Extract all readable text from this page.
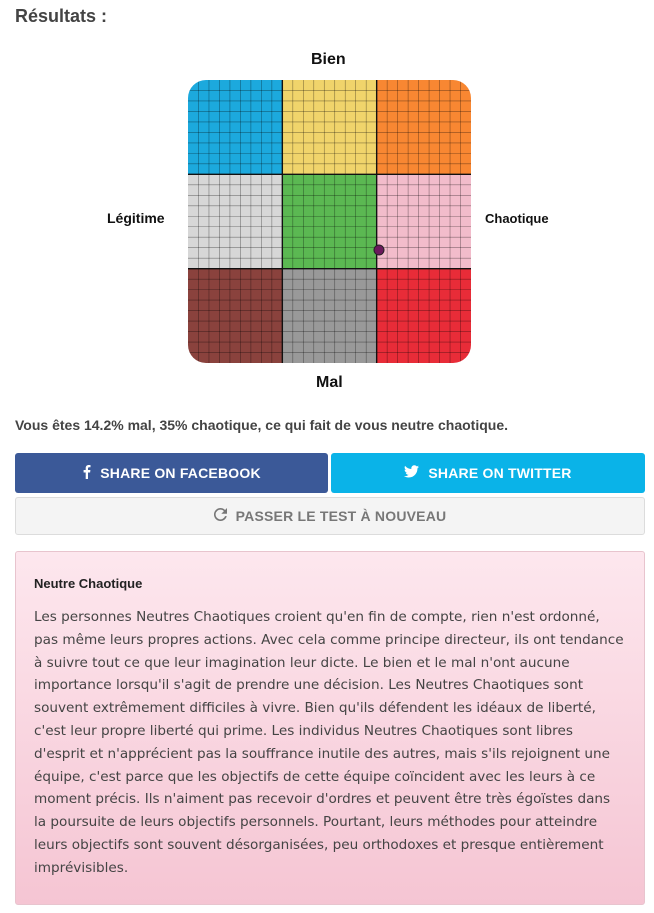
Résultats :
Bien
Légitime	Chaotique
Mal
Vous êtes 14.2% mal, 35% chaotique, ce qui fait de vous neutre chaotique.
SHARE ON FACEBOOK	SHARE ON TWITTER
PASSER LE TEST À NOUVEAU
Neutre Chaotique
Les personnes Neutres Chaotiques croient qu'en fin de compte, rien n'est ordonné, pas même leurs propres actions. Avec cela comme principe directeur, ils ont tendance à suivre tout ce que leur imagination leur dicte. Le bien et le mal n'ont aucune importance lorsqu'il s'agit de prendre une décision. Les Neutres Chaotiques sont souvent extrêmement difficiles à vivre. Bien qu'ils défendent les idéaux de liberté, c'est leur propre liberté qui prime. Les individus Neutres Chaotiques sont libres d'esprit et n'apprécient pas la souffrance inutile des autres, mais s'ils rejoignent une équipe, c'est parce que les objectifs de cette équipe coïncident avec les leurs à ce moment précis. Ils n'aiment pas recevoir d'ordres et peuvent être très égoïstes dans la poursuite de leurs objectifs personnels. Pourtant, leurs méthodes pour atteindre leurs objectifs sont souvent désorganisées, peu orthodoxes et presque entièrement imprévisibles.
